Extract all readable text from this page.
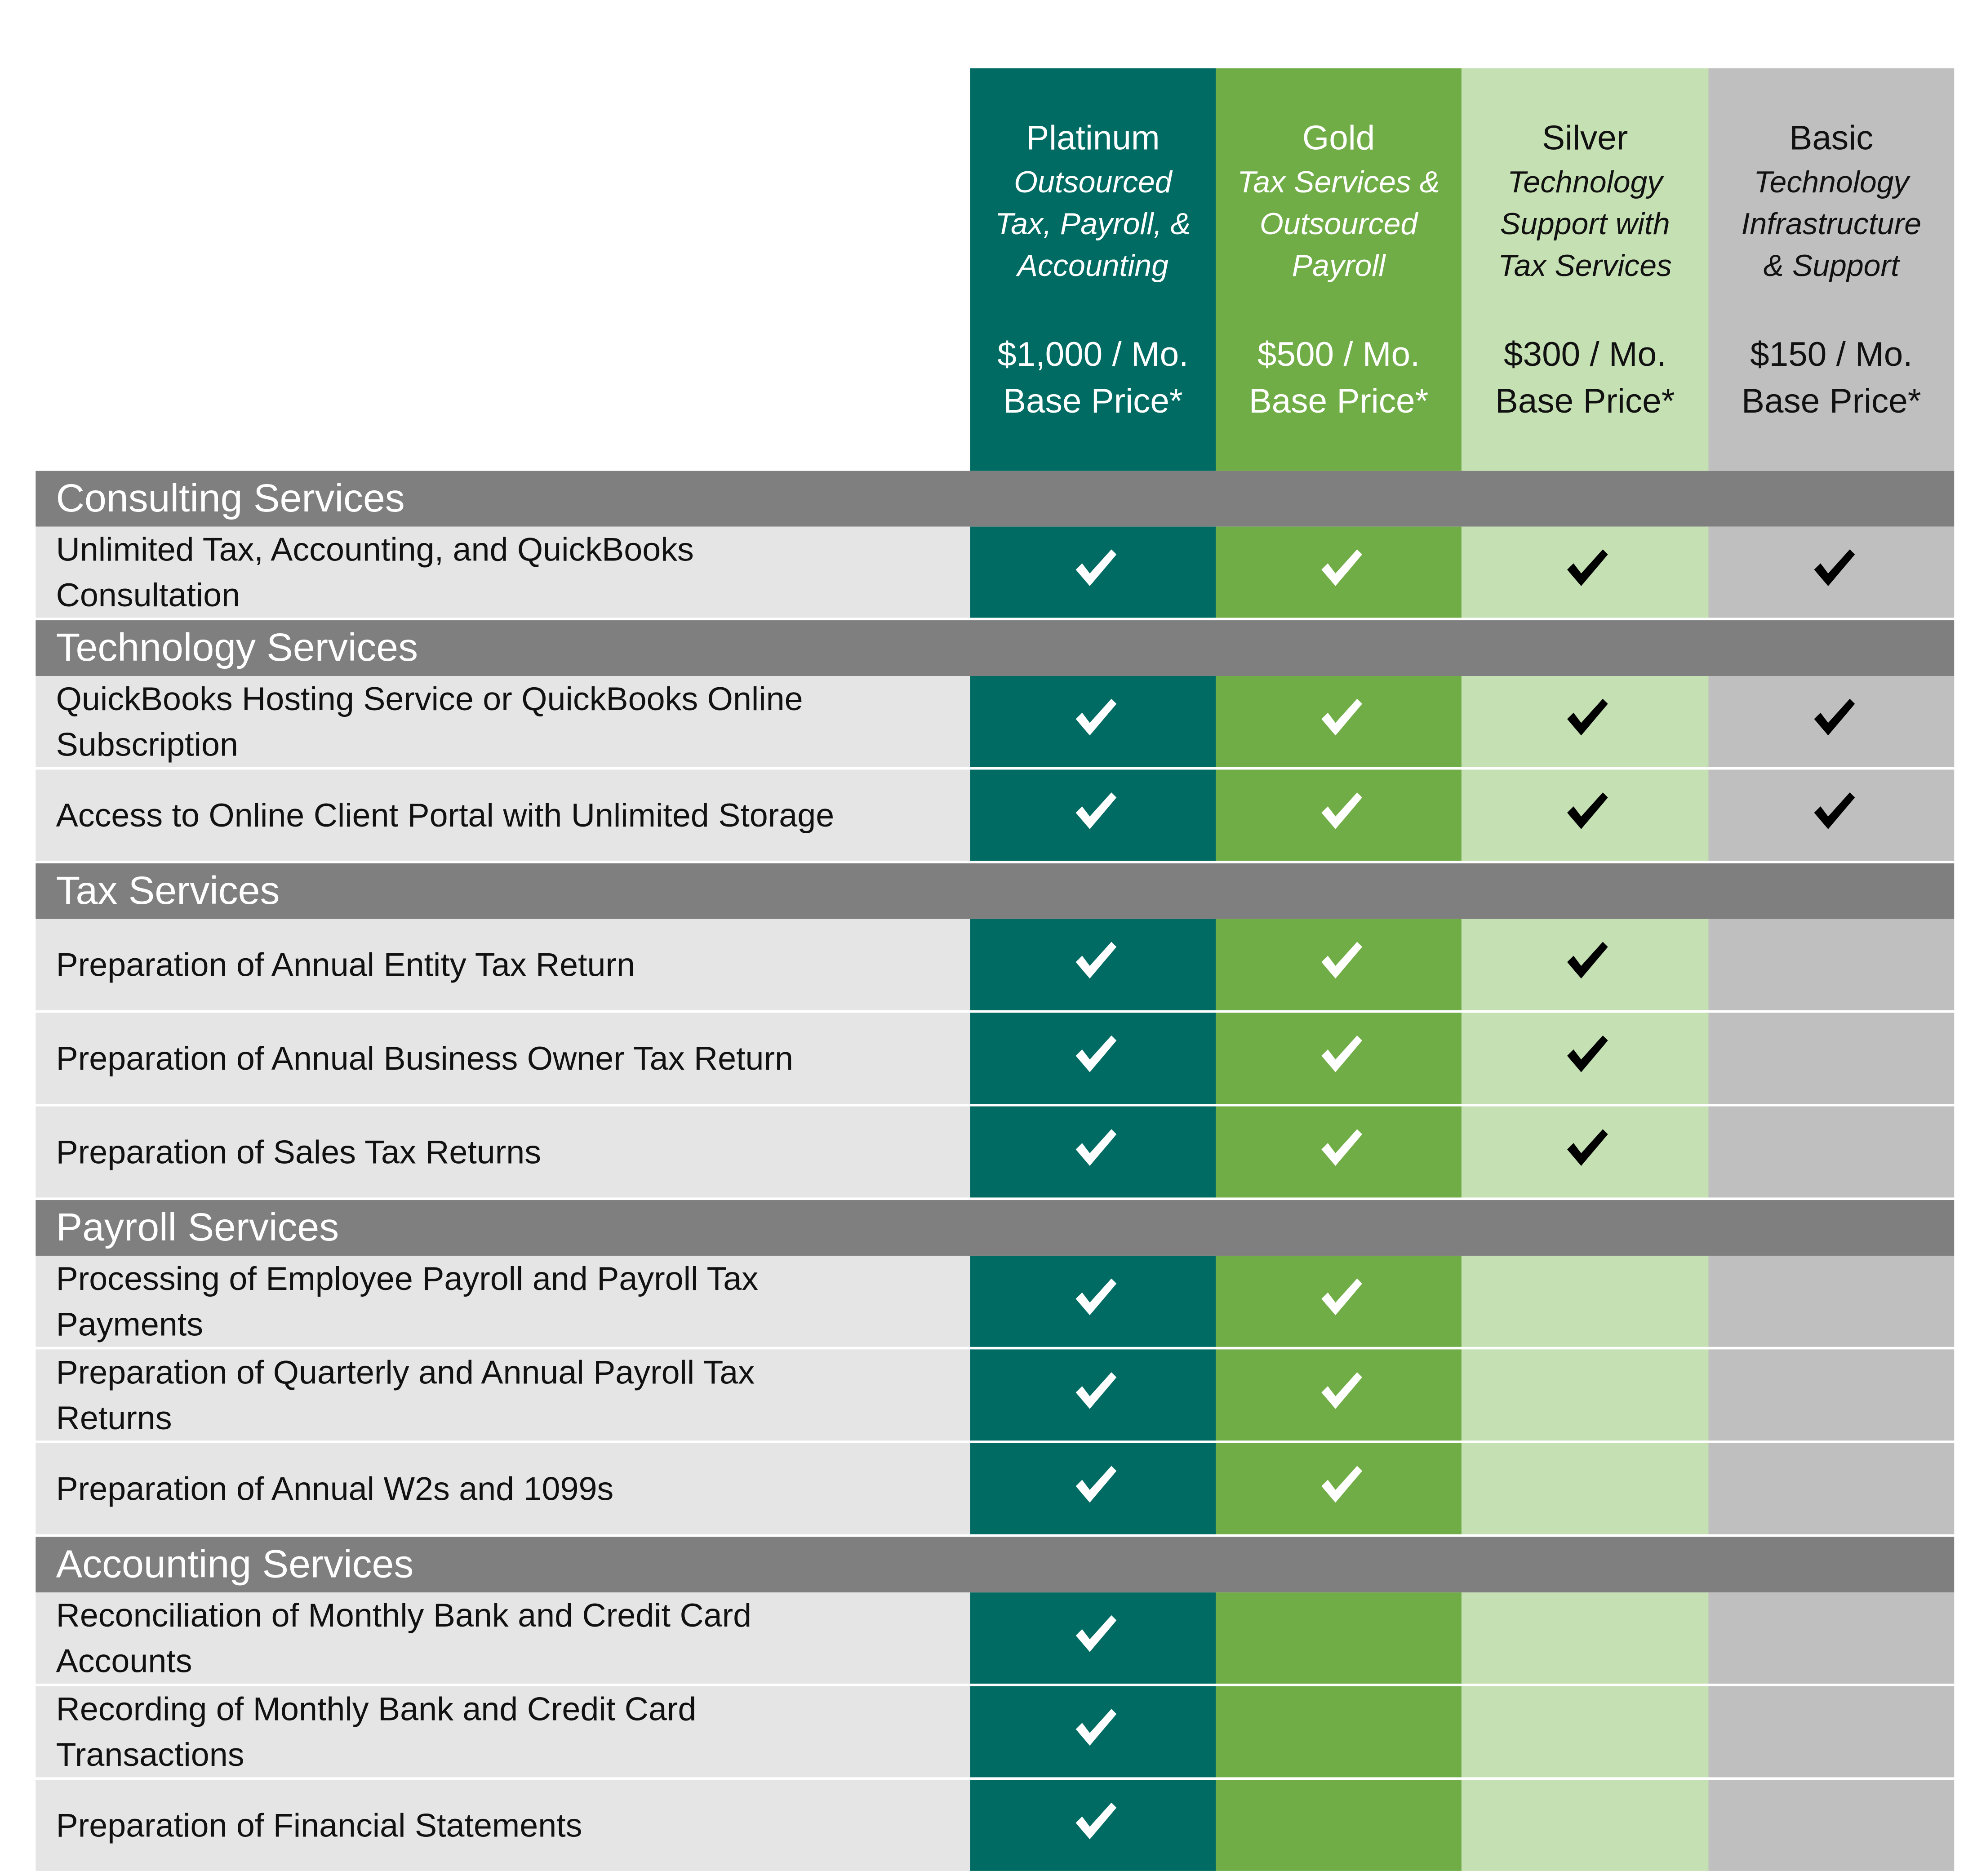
Platinum
Outsourced
Tax, Payroll, &
Accounting
$1,000 / Mo.
Base Price*
Gold
Tax Services &
Outsourced
Payroll
$500 / Mo.
Base Price*
Silver
Technology
Support with
Tax Services
$300 / Mo.
Base Price*
Basic
Technology
Infrastructure
& Support
$150 / Mo.
Base Price*
Consulting Services
Unlimited Tax, Accounting, and QuickBooks Consultation
Technology Services
QuickBooks Hosting Service or QuickBooks Online Subscription
Access to Online Client Portal with Unlimited Storage
Tax Services
Preparation of Annual Entity Tax Return
Preparation of Annual Business Owner Tax Return
Preparation of Sales Tax Returns
Payroll Services
Processing of Employee Payroll and Payroll Tax Payments
Preparation of Quarterly and Annual Payroll Tax Returns
Preparation of Annual W2s and 1099s
Accounting Services
Reconciliation of Monthly Bank and Credit Card Accounts
Recording of Monthly Bank and Credit Card Transactions
Preparation of Financial Statements
